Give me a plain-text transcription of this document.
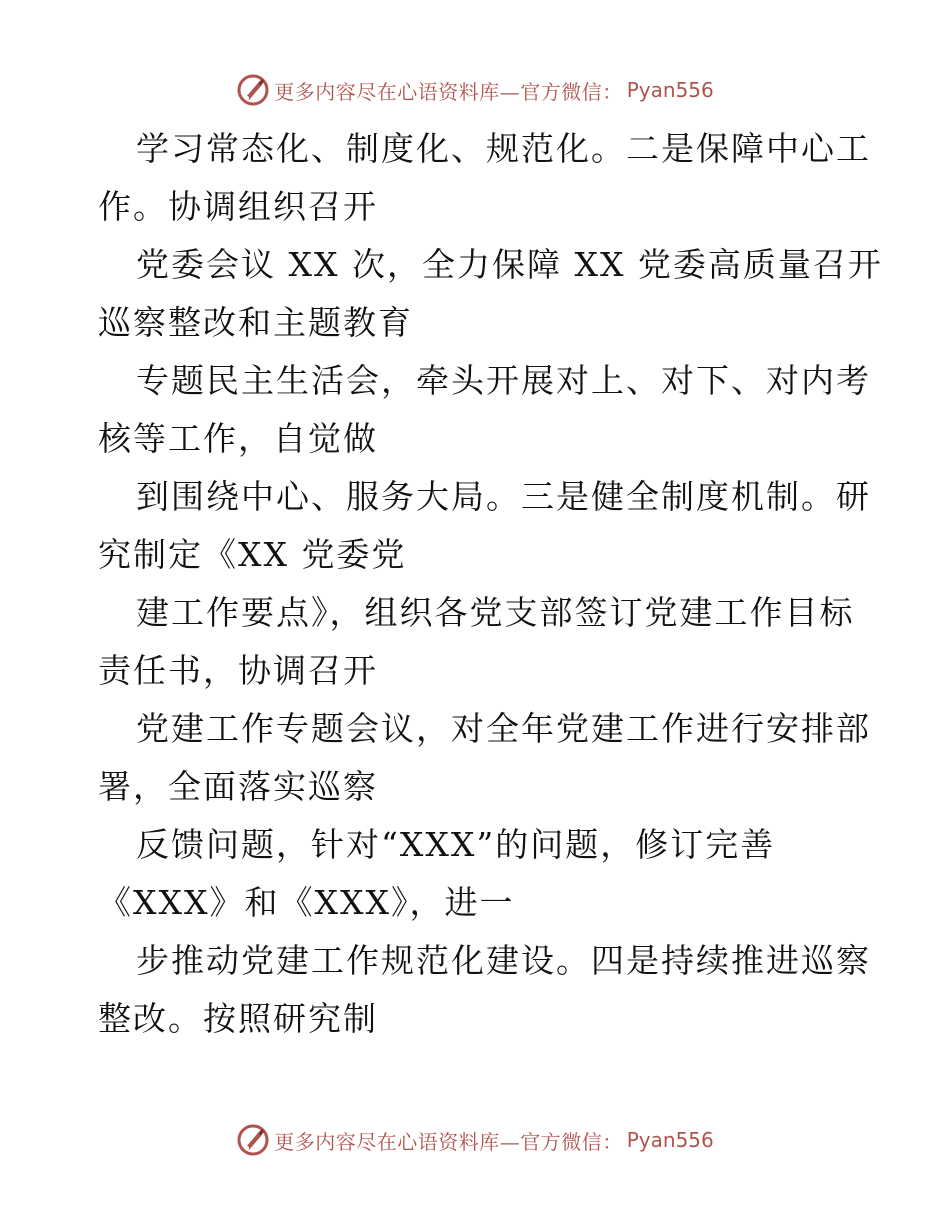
更多内容尽在心语资料库—官方微信： Pyan556
学习常态化、制度化、规范化。二是保障中心工
作。协调组织召开
党委会议 XX 次，全力保障 XX 党委高质量召开
巡察整改和主题教育
专题民主生活会，牵头开展对上、对下、对内考
核等工作，自觉做
到围绕中心、服务大局。三是健全制度机制。研
究制定《XX 党委党
建工作要点》，组织各党支部签订党建工作目标
责任书，协调召开
党建工作专题会议，对全年党建工作进行安排部
署，全面落实巡察
反馈问题，针对“XXX”的问题，修订完善
《XXX》和《XXX》，进一
步推动党建工作规范化建设。四是持续推进巡察
整改。按照研究制
更多内容尽在心语资料库—官方微信： Pyan556
